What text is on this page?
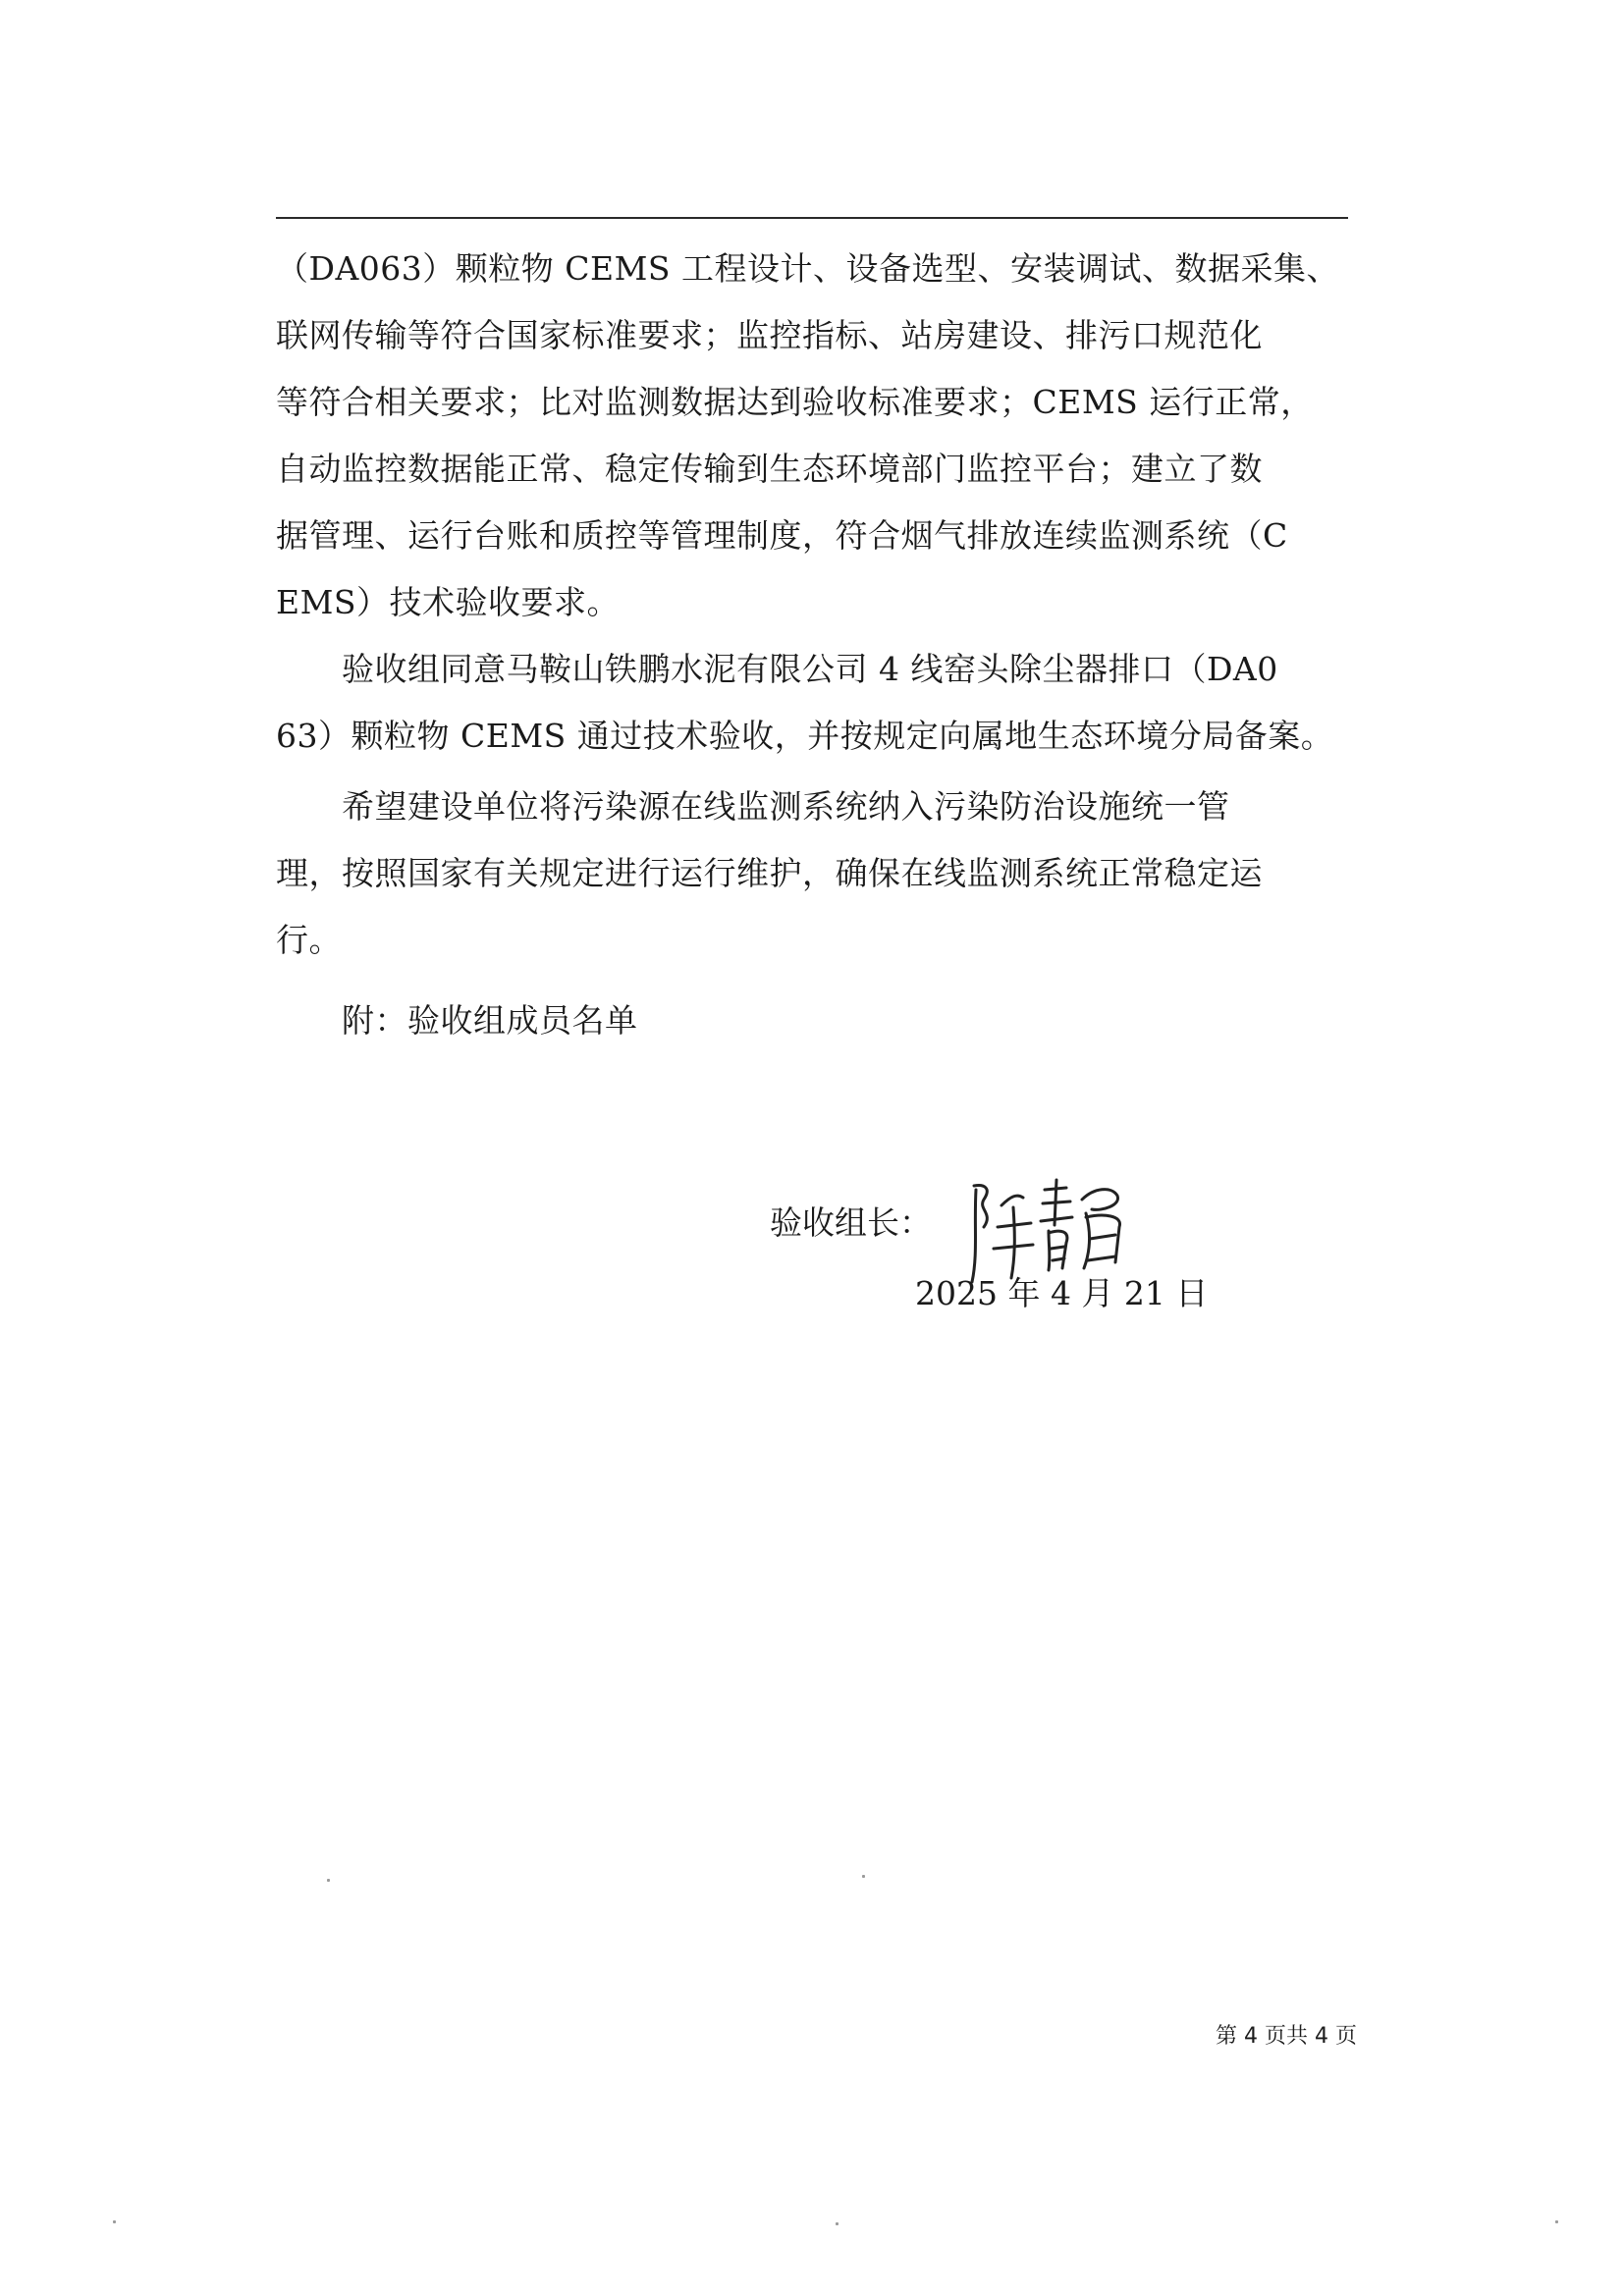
（DA063）颗粒物 CEMS 工程设计、设备选型、安装调试、数据采集、
联网传输等符合国家标准要求；监控指标、站房建设、排污口规范化
等符合相关要求；比对监测数据达到验收标准要求；CEMS 运行正常，
自动监控数据能正常、稳定传输到生态环境部门监控平台；建立了数
据管理、运行台账和质控等管理制度，符合烟气排放连续监测系统（C
EMS）技术验收要求。
验收组同意马鞍山铁鹏水泥有限公司 4 线窑头除尘器排口（DA0
63）颗粒物 CEMS 通过技术验收，并按规定向属地生态环境分局备案。
希望建设单位将污染源在线监测系统纳入污染防治设施统一管
理，按照国家有关规定进行运行维护，确保在线监测系统正常稳定运
行。
附：验收组成员名单
验收组长：
陈青
2025 年 4 月 21 日
第 4 页共 4 页
